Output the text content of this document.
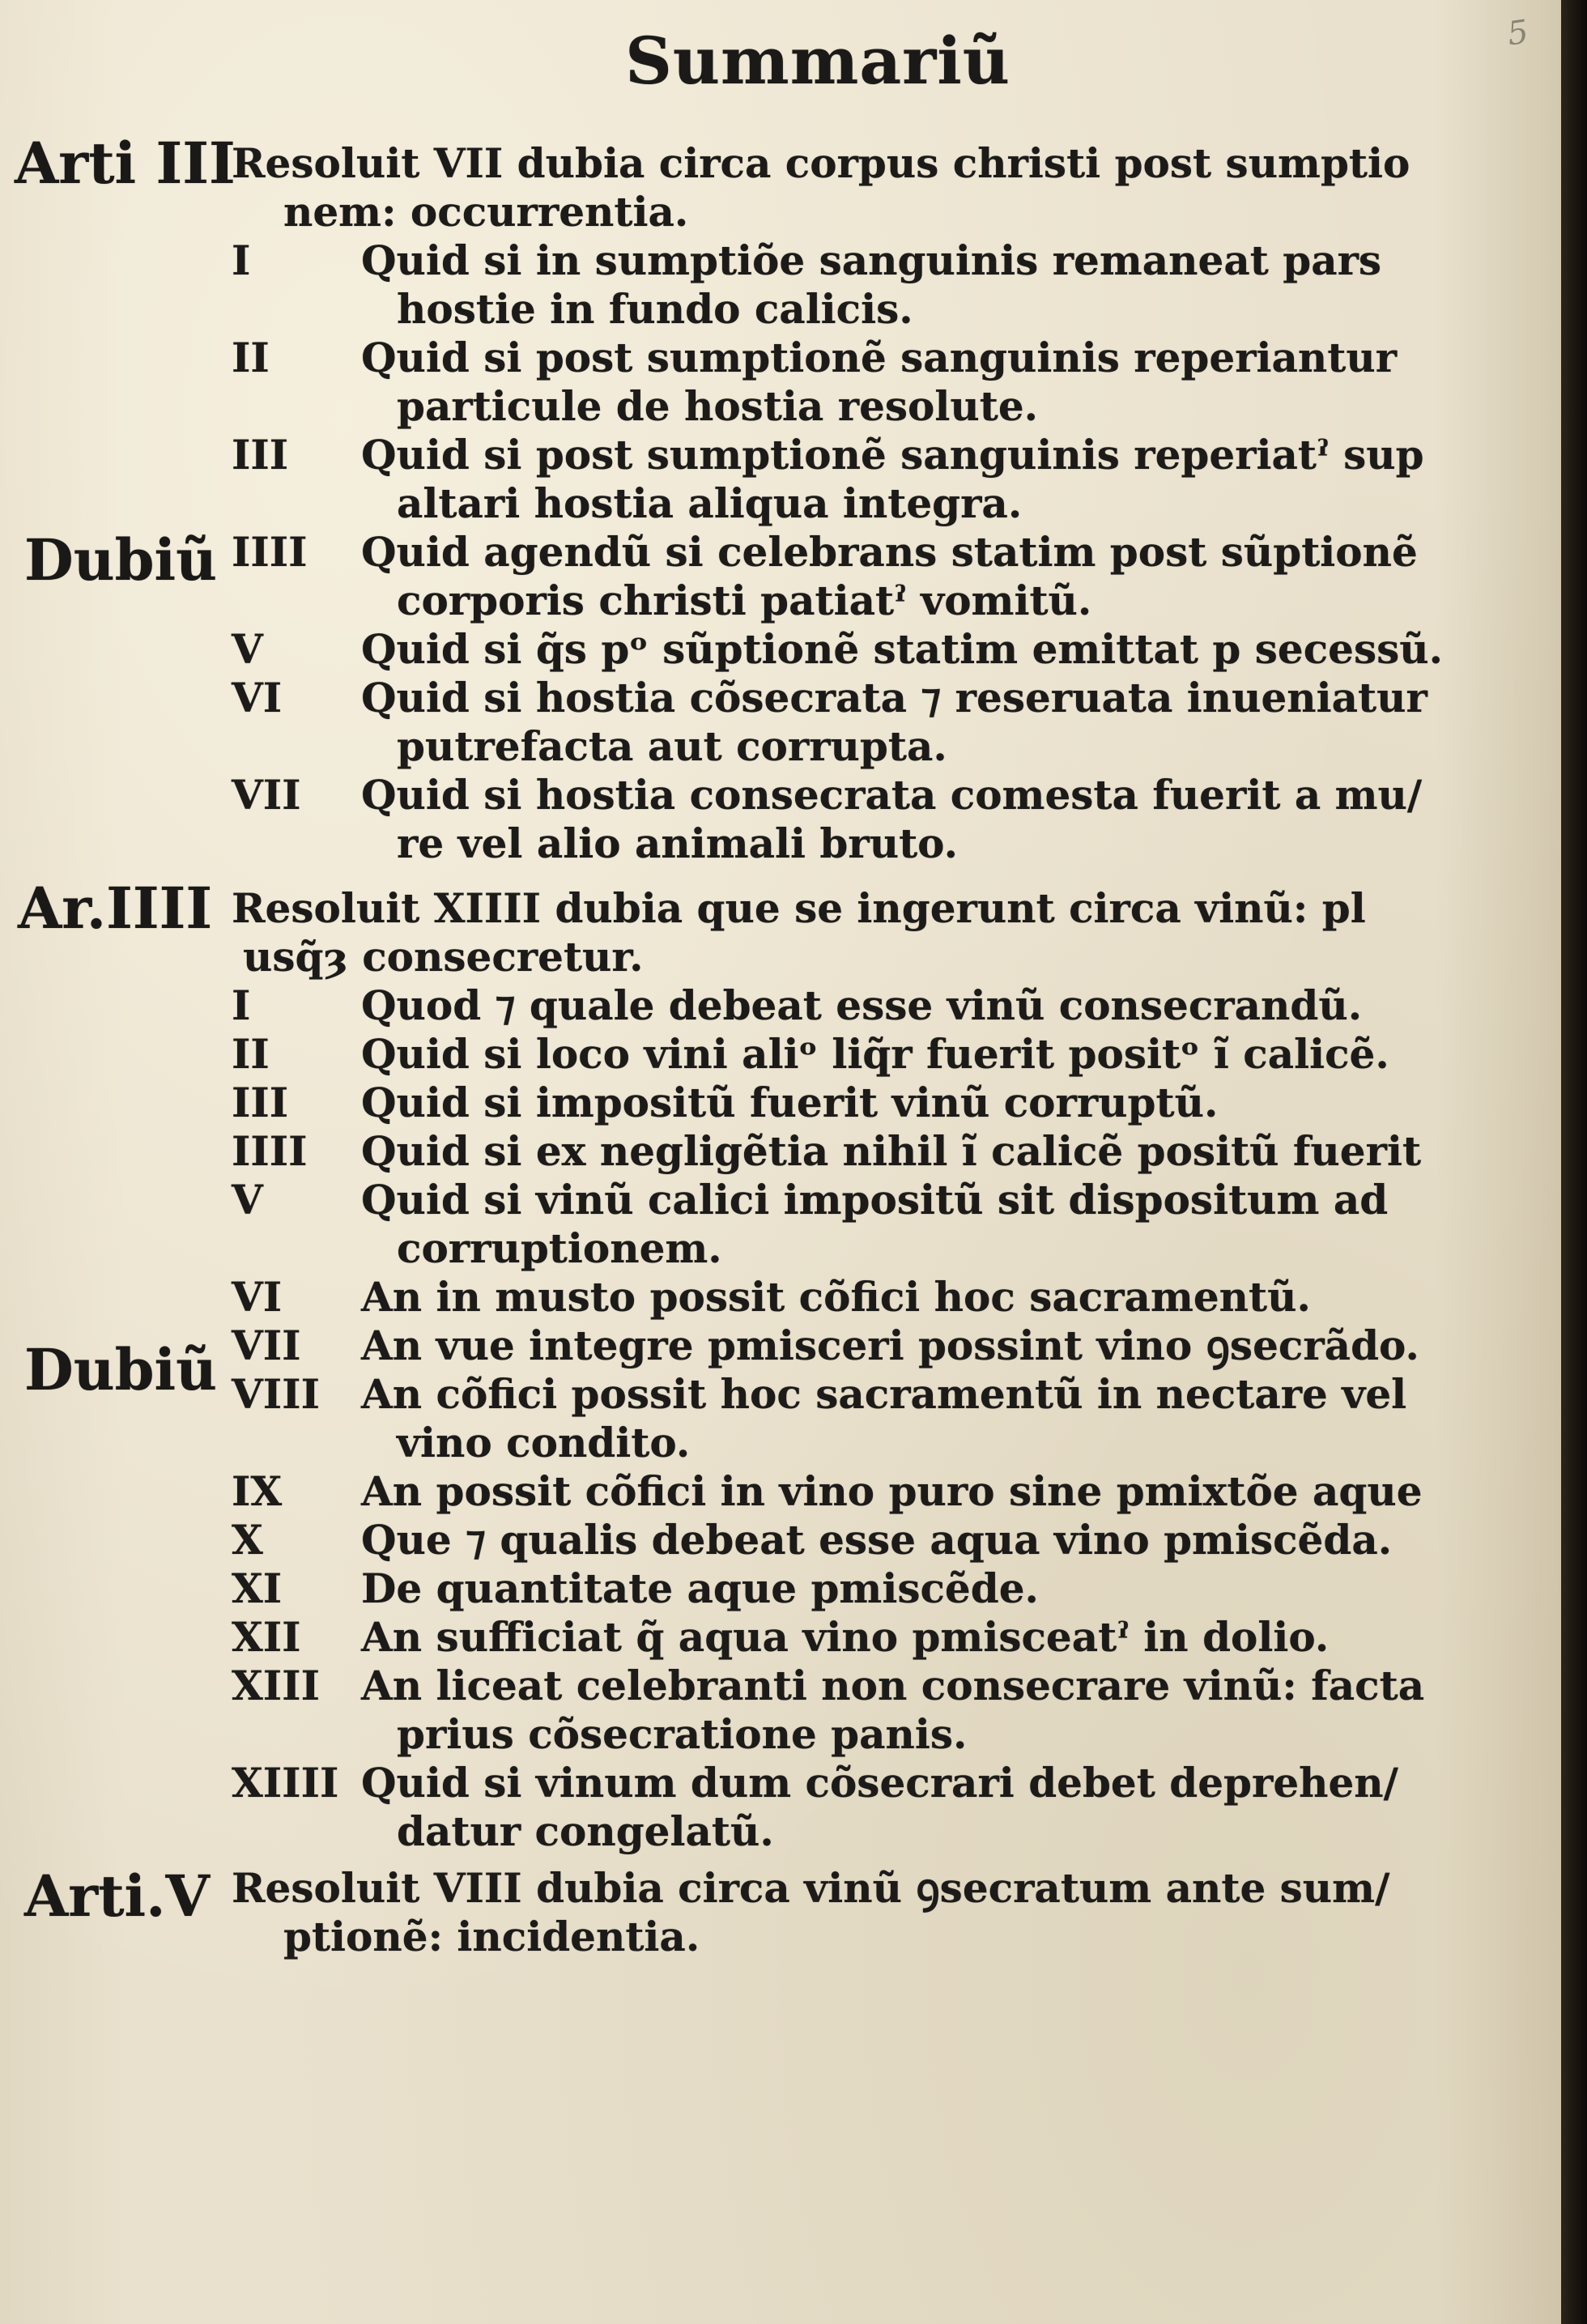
5
Summariũ
Arti III
Dubiũ
Ar.IIII
Dubiũ
Arti.V
Resoluit VII dubia circa corpus christi post sumptio
nem: occurrentia.
I	Quid si in sumptiõe sanguinis remaneat pars
hostie in fundo calicis.
II Quid si post sumptionẽ sanguinis reperiantur
particule de hostia resolute.
III Quid si post sumptionẽ sanguinis reperiatˀ sup
altari hostia aliqua integra.
IIII Quid agendũ si celebrans statim post sũptionẽ
corporis christi patiatˀ vomitũ.
V Quid si q̃s pᵒ sũptionẽ statim emittat p secessũ.
VI Quid si hostia cõsecrata ⁊ reseruata inueniatur
putrefacta aut corrupta.
VII Quid si hostia consecrata comesta fuerit a mu/
re vel alio animali bruto.
Resoluit XIIII dubia que se ingerunt circa vinũ: pl
usq̃ȝ consecretur.
I	Quod ⁊ quale debeat esse vinũ consecrandũ.
II Quid si loco vini aliᵒ liq̃r fuerit positᵒ ĩ calicẽ.
III Quid si impositũ fuerit vinũ corruptũ.
IIII Quid si ex negligẽtia nihil ĩ calicẽ positũ fuerit
V Quid si vinũ calici impositũ sit dispositum ad
corruptionem.
VI An in musto possit cõfici hoc sacramentũ.
VII An vue integre pmisceri possint vino ꝯsecrãdo.
VIII An cõfici possit hoc sacramentũ in nectare vel
vino condito.
IX An possit cõfici in vino puro sine pmixtõe aque
X Que ⁊ qualis debeat esse aqua vino pmiscẽda.
XI De quantitate aque pmiscẽde.
XII An sufficiat q̃ aqua vino pmisceatˀ in dolio.
XIII An liceat celebranti non consecrare vinũ: facta
prius cõsecratione panis.
XIIII Quid si vinum dum cõsecrari debet deprehen/
datur congelatũ.
Resoluit VIII dubia circa vinũ ꝯsecratum ante sum/
ptionẽ: incidentia.
